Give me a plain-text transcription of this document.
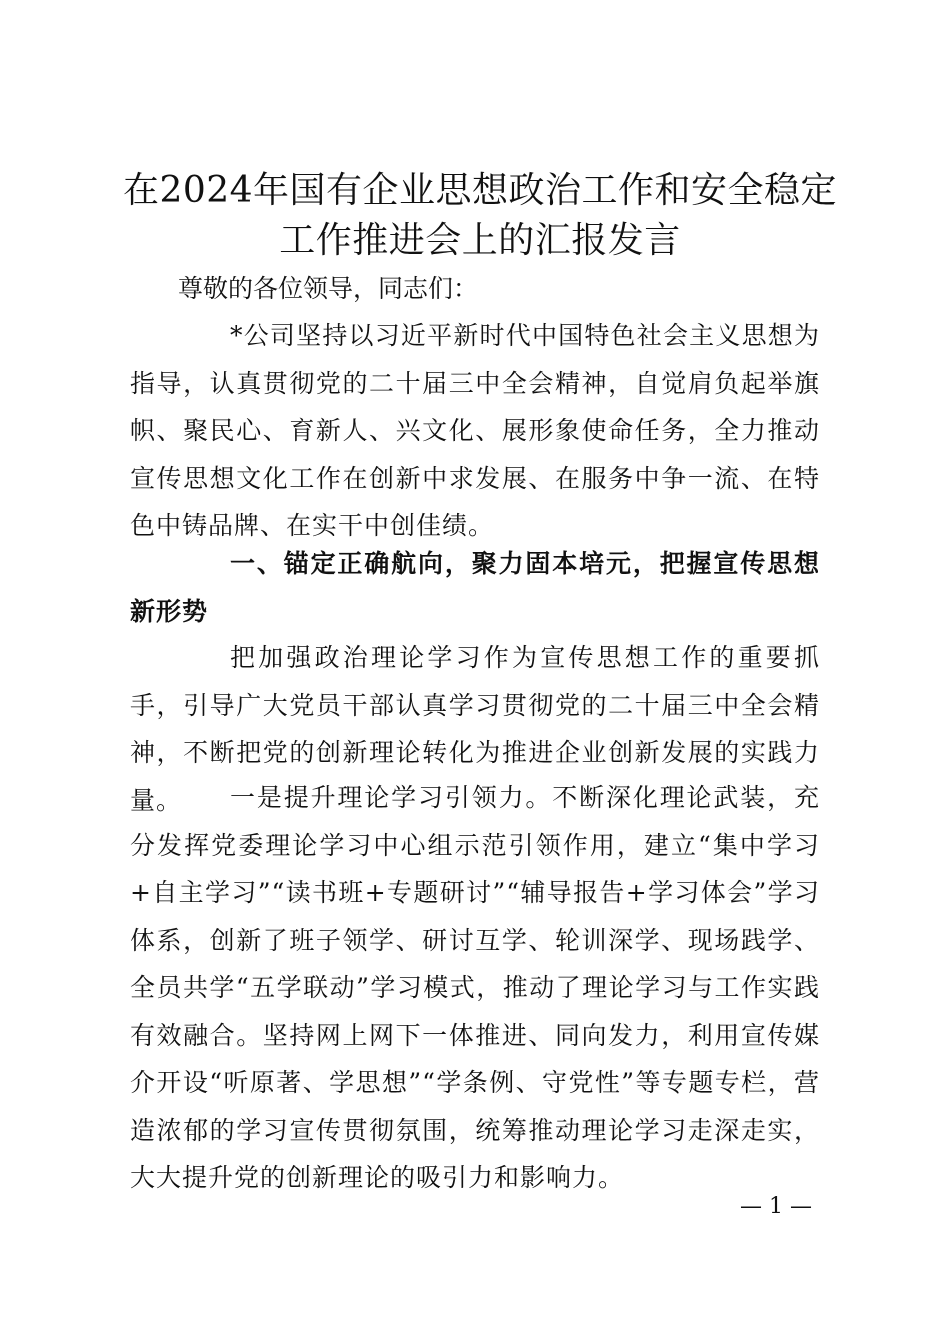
在2024年国有企业思想政治工作和安全稳定
工作推进会上的汇报发言

尊敬的各位领导，同志们：

*公司坚持以习近平新时代中国特色社会主义思想为指导，认真贯彻党的二十届三中全会精神，自觉肩负起举旗帜、聚民心、育新人、兴文化、展形象使命任务，全力推动宣传思想文化工作在创新中求发展、在服务中争一流、在特色中铸品牌、在实干中创佳绩。

一、锚定正确航向，聚力固本培元，把握宣传思想新形势

把加强政治理论学习作为宣传思想工作的重要抓手，引导广大党员干部认真学习贯彻党的二十届三中全会精神，不断把党的创新理论转化为推进企业创新发展的实践力量。	一是提升理论学习引领力。不断深化理论武装，充分发挥党委理论学习中心组示范引领作用，建立“集中学习+自主学习”“读书班+专题研讨”“辅导报告+学习体会”学习体系，创新了班子领学、研讨互学、轮训深学、现场践学、全员共学“五学联动”学习模式，推动了理论学习与工作实践有效融合。坚持网上网下一体推进、同向发力，利用宣传媒介开设“听原著、学思想”“学条例、守党性”等专题专栏，营造浓郁的学习宣传贯彻氛围，统筹推动理论学习走深走实，大大提升党的创新理论的吸引力和影响力。

— 1 —
